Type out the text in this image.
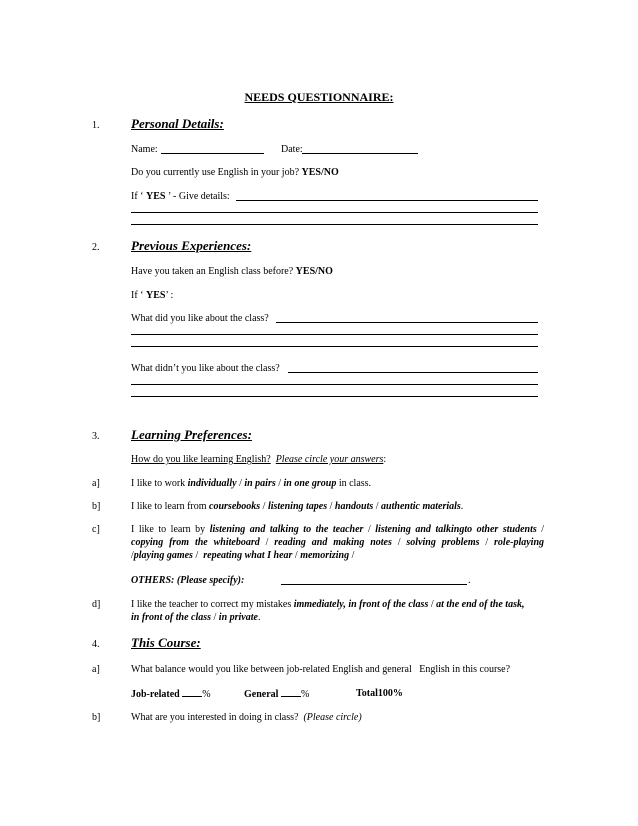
NEEDS QUESTIONNAIRE:
1. Personal Details:
Name:	Date:
Do you currently use English in your job? YES/NO
If ‘ YES ’ - Give details:
2. Previous Experiences:
Have you taken an English class before? YES/NO
If ‘ YES’ :
What did you like about the class?
What didn’t you like about the class?
3. Learning Preferences:
How do you like learning English? Please circle your answers:
a]	I like to work individually / in pairs / in one group in class.
b]	I like to learn from coursebooks / listening tapes / handouts / authentic materials.
c]	I like to learn by listening and talking to the teacher / listening and talkingto other students /
copying from the whiteboard / reading and making notes / solving problems / role-playing
/playing games / repeating what I hear / memorizing /
OTHERS: (Please specify):	.
d]	I like the teacher to correct my mistakes immediately, in front of the class / at the end of the task,
in front of the class / in private.
4. This Course:
a]	What balance would you like between job-related English and general   English in this course?
Job-related %	General %	Total100%
b]	What are you interested in doing in class? (Please circle)
